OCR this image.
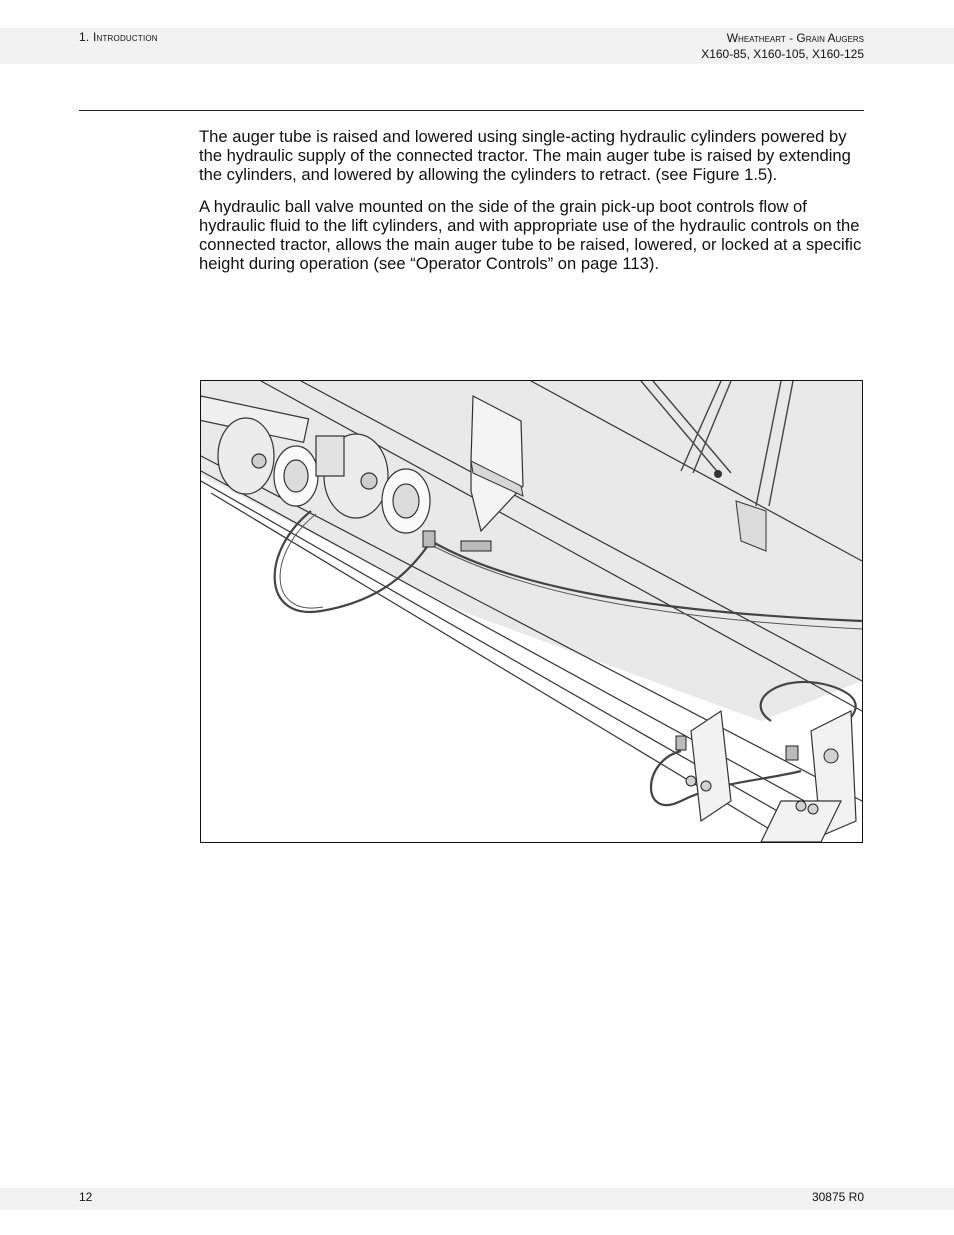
1. Introduction	Wheatheart - Grain Augers
X160-85, X160-105, X160-125

The auger tube is raised and lowered using single-acting hydraulic cylinders powered by the hydraulic supply of the connected tractor. The main auger tube is raised by extending the cylinders, and lowered by allowing the cylinders to retract. (see Figure 1.5).

A hydraulic ball valve mounted on the side of the grain pick-up boot controls flow of hydraulic fluid to the lift cylinders, and with appropriate use of the hydraulic controls on the connected tractor, allows the main auger tube to be raised, lowered, or locked at a specific height during operation (see “Operator Controls” on page 113).

12	30875 R0
